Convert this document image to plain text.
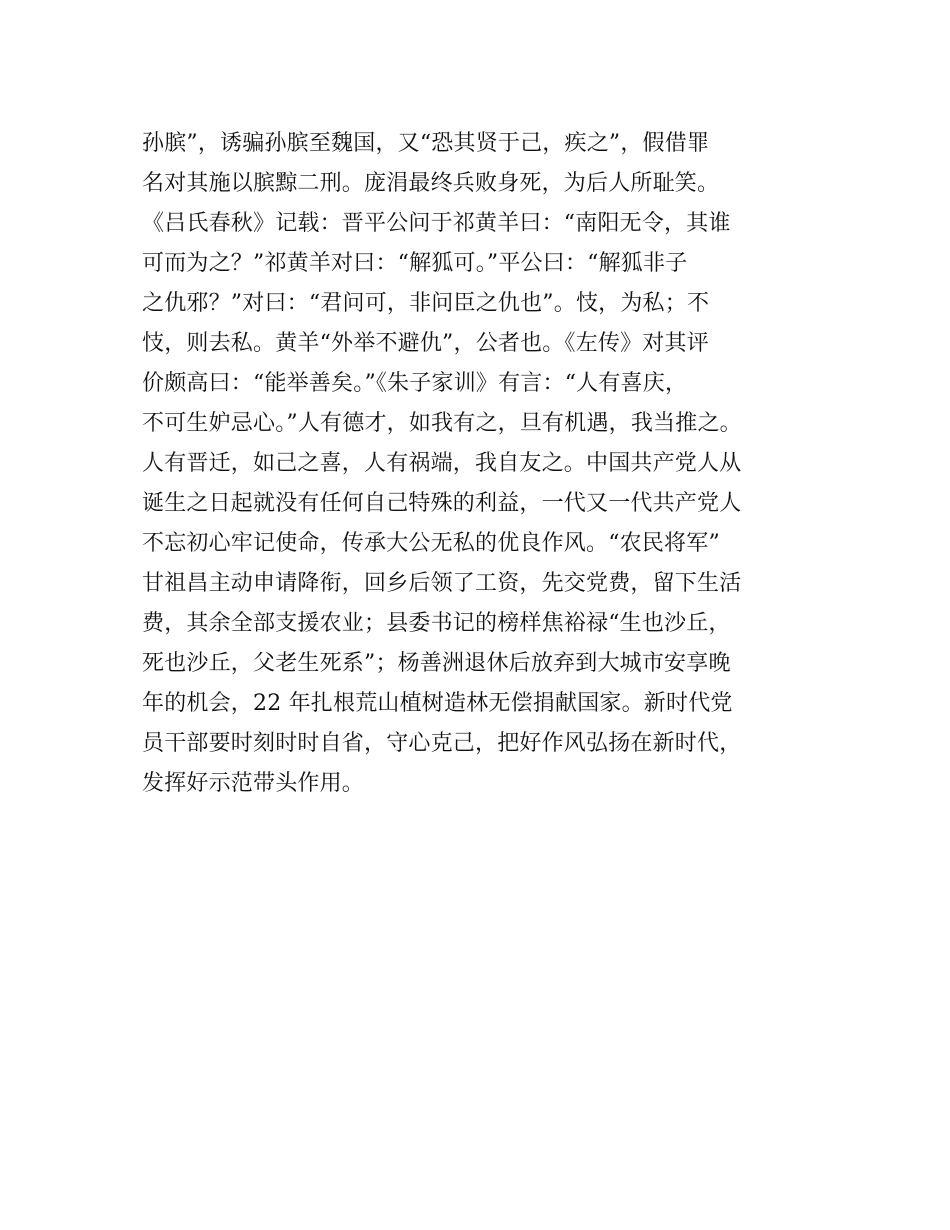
孙膑”，诱骗孙膑至魏国，又“恐其贤于己，疾之”，假借罪
名对其施以膑黥二刑。庞涓最终兵败身死，为后人所耻笑。
《吕氏春秋》记载：晋平公问于祁黄羊曰：“南阳无令，其谁
可而为之？”祁黄羊对曰：“解狐可。”平公曰：“解狐非子
之仇邪？”对曰：“君问可，非问臣之仇也”。忮，为私；不
忮，则去私。黄羊“外举不避仇”，公者也。《左传》对其评
价颇高曰：“能举善矣。”《朱子家训》有言：“人有喜庆，
不可生妒忌心。”人有德才，如我有之，旦有机遇，我当推之。
人有晋迁，如己之喜，人有祸端，我自友之。中国共产党人从
诞生之日起就没有任何自己特殊的利益，一代又一代共产党人
不忘初心牢记使命，传承大公无私的优良作风。“农民将军”
甘祖昌主动申请降衔，回乡后领了工资，先交党费，留下生活
费，其余全部支援农业；县委书记的榜样焦裕禄“生也沙丘，
死也沙丘，父老生死系”；杨善洲退休后放弃到大城市安享晚
年的机会，22 年扎根荒山植树造林无偿捐献国家。新时代党
员干部要时刻时时自省，守心克己，把好作风弘扬在新时代，
发挥好示范带头作用。
